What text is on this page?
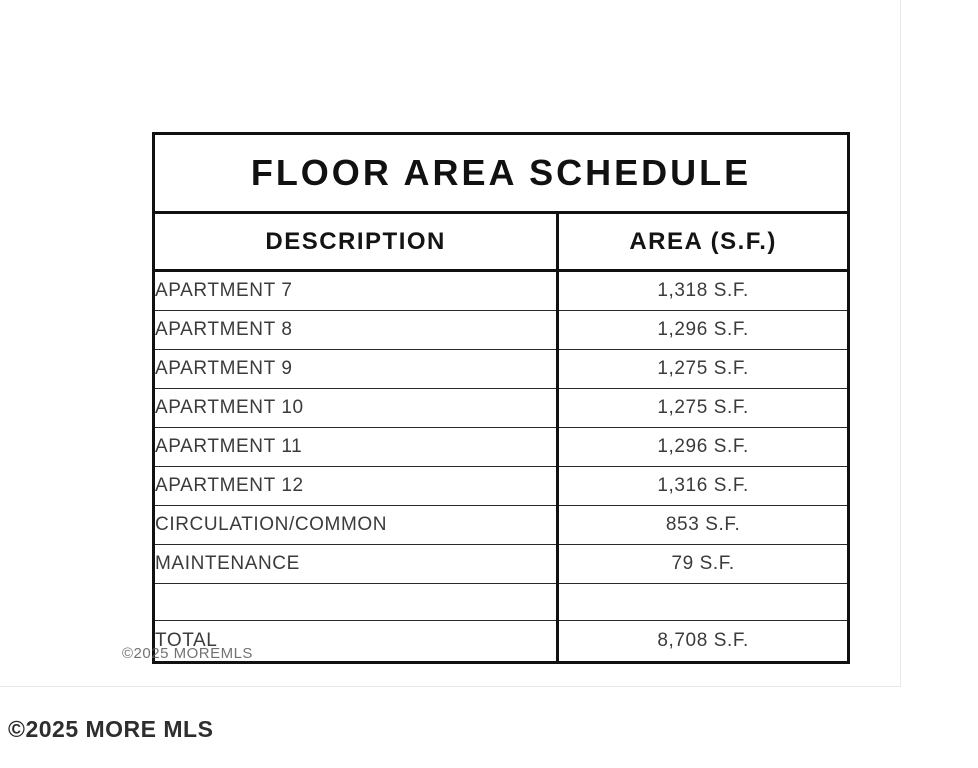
FLOOR AREA SCHEDULE	
DESCRIPTION	AREA (S.F.)
APARTMENT 7	1,318 S.F.
APARTMENT 8	1,296 S.F.
APARTMENT 9	1,275 S.F.
APARTMENT 10	1,275 S.F.
APARTMENT 11	1,296 S.F.
APARTMENT 12	1,316 S.F.
CIRCULATION/COMMON	853 S.F.
MAINTENANCE	79 S.F.

TOTAL	8,708 S.F.
©2025 MOREMLS
©2025 MORE MLS
